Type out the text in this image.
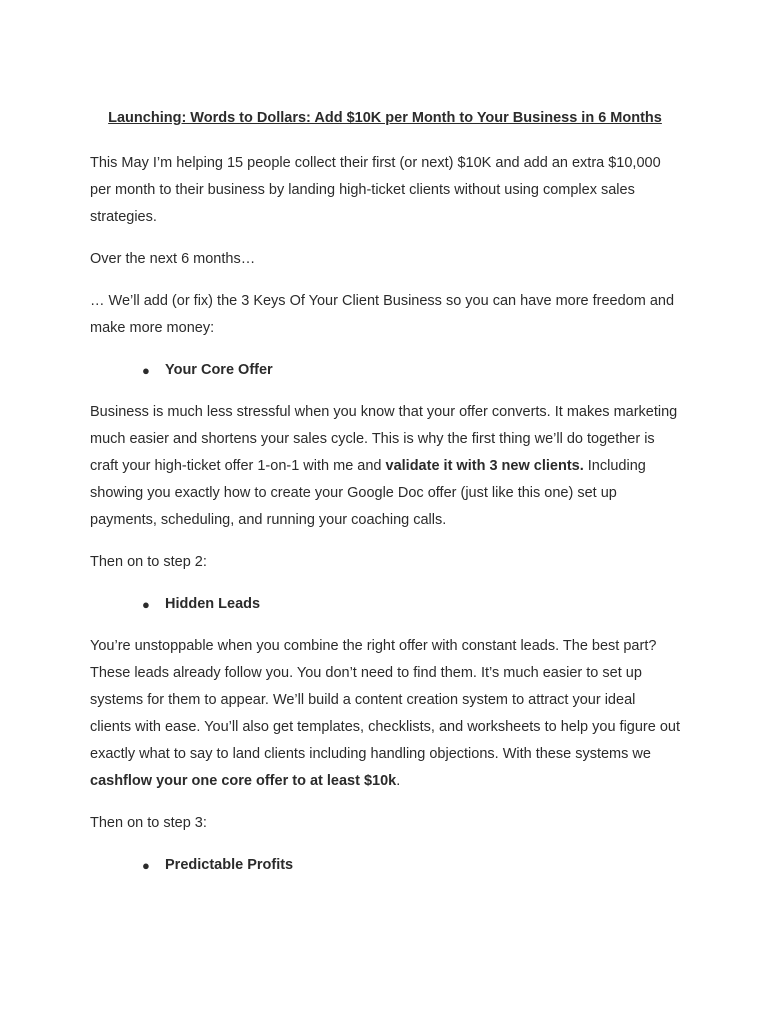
Launching: Words to Dollars: Add $10K per Month to Your Business in 6 Months

This May I’m helping 15 people collect their first (or next) $10K and add an extra $10,000 per month to their business by landing high-ticket clients without using complex sales strategies.

Over the next 6 months…

… We’ll add (or fix) the 3 Keys Of Your Client Business so you can have more freedom and make more money:

● Your Core Offer

Business is much less stressful when you know that your offer converts. It makes marketing much easier and shortens your sales cycle. This is why the first thing we’ll do together is craft your high-ticket offer 1-on-1 with me and validate it with 3 new clients. Including showing you exactly how to create your Google Doc offer (just like this one) set up payments, scheduling, and running your coaching calls.

Then on to step 2:

● Hidden Leads

You’re unstoppable when you combine the right offer with constant leads. The best part? These leads already follow you. You don’t need to find them. It’s much easier to set up systems for them to appear. We’ll build a content creation system to attract your ideal clients with ease. You’ll also get templates, checklists, and worksheets to help you figure out exactly what to say to land clients including handling objections. With these systems we cashflow your one core offer to at least $10k.

Then on to step 3:

● Predictable Profits
